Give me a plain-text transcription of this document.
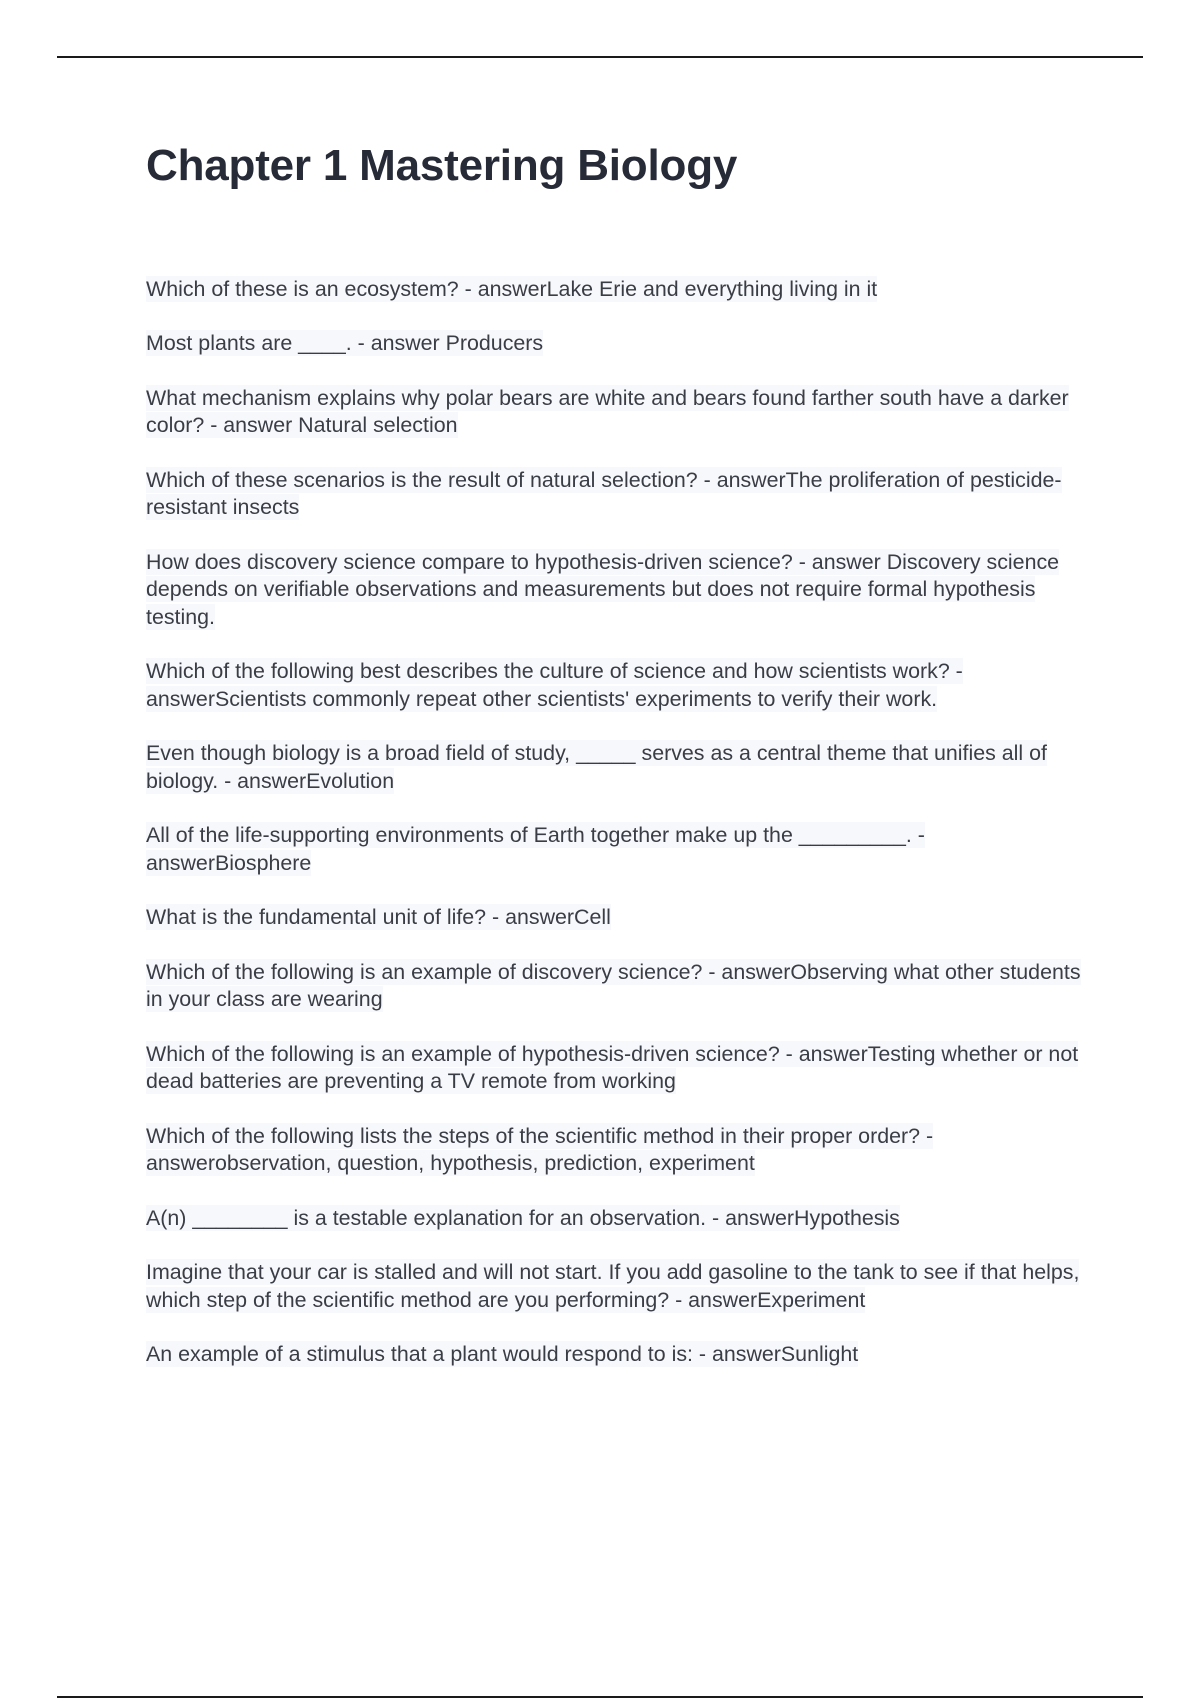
Chapter 1 Mastering Biology
Which of these is an ecosystem? - answerLake Erie and everything living in it
Most plants are ____. - answer Producers
What mechanism explains why polar bears are white and bears found farther south have a darker color? - answer Natural selection
Which of these scenarios is the result of natural selection? - answerThe proliferation of pesticide-resistant insects
How does discovery science compare to hypothesis-driven science? - answer Discovery science depends on verifiable observations and measurements but does not require formal hypothesis testing.
Which of the following best describes the culture of science and how scientists work? - answerScientists commonly repeat other scientists' experiments to verify their work.
Even though biology is a broad field of study, _____ serves as a central theme that unifies all of biology. - answerEvolution
All of the life-supporting environments of Earth together make up the _________. - answerBiosphere
What is the fundamental unit of life? - answerCell
Which of the following is an example of discovery science? - answerObserving what other students in your class are wearing
Which of the following is an example of hypothesis-driven science? - answerTesting whether or not dead batteries are preventing a TV remote from working
Which of the following lists the steps of the scientific method in their proper order? - answerobservation, question, hypothesis, prediction, experiment
A(n) ________ is a testable explanation for an observation. - answerHypothesis
Imagine that your car is stalled and will not start. If you add gasoline to the tank to see if that helps, which step of the scientific method are you performing? - answerExperiment
An example of a stimulus that a plant would respond to is: - answerSunlight
